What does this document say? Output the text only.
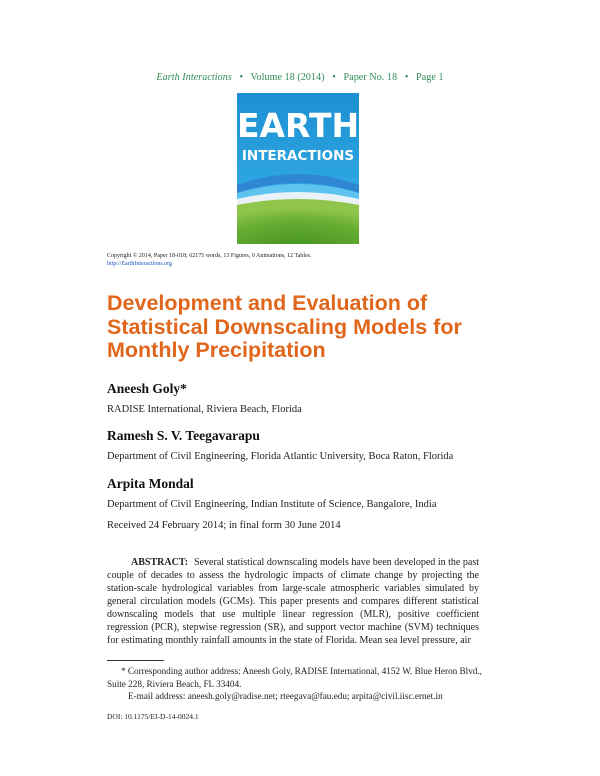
Earth Interactions • Volume 18 (2014) • Paper No. 18 • Page 1
EARTH
INTERACTIONS
Copyright © 2014, Paper 18-018; 62175 words, 13 Figures, 0 Animations, 12 Tables.
http://EarthInteractions.org
Development and Evaluation of Statistical Downscaling Models for Monthly Precipitation
Aneesh Goly*
RADISE International, Riviera Beach, Florida
Ramesh S. V. Teegavarapu
Department of Civil Engineering, Florida Atlantic University, Boca Raton, Florida
Arpita Mondal
Department of Civil Engineering, Indian Institute of Science, Bangalore, India
Received 24 February 2014; in final form 30 June 2014
ABSTRACT: Several statistical downscaling models have been developed in the past couple of decades to assess the hydrologic impacts of climate change by projecting the station-scale hydrological variables from large-scale atmospheric variables simulated by general circulation models (GCMs). This paper presents and compares different statistical downscaling models that use multiple linear regression (MLR), positive coefficient regression (PCR), stepwise regression (SR), and support vector machine (SVM) techniques for estimating monthly rainfall amounts in the state of Florida. Mean sea level pressure, air
* Corresponding author address: Aneesh Goly, RADISE International, 4152 W. Blue Heron Blvd., Suite 228, Riviera Beach, FL 33404.
E-mail address: aneesh.goly@radise.net; rteegava@fau.edu; arpita@civil.iisc.ernet.in
DOI: 10.1175/EI-D-14-0024.1
